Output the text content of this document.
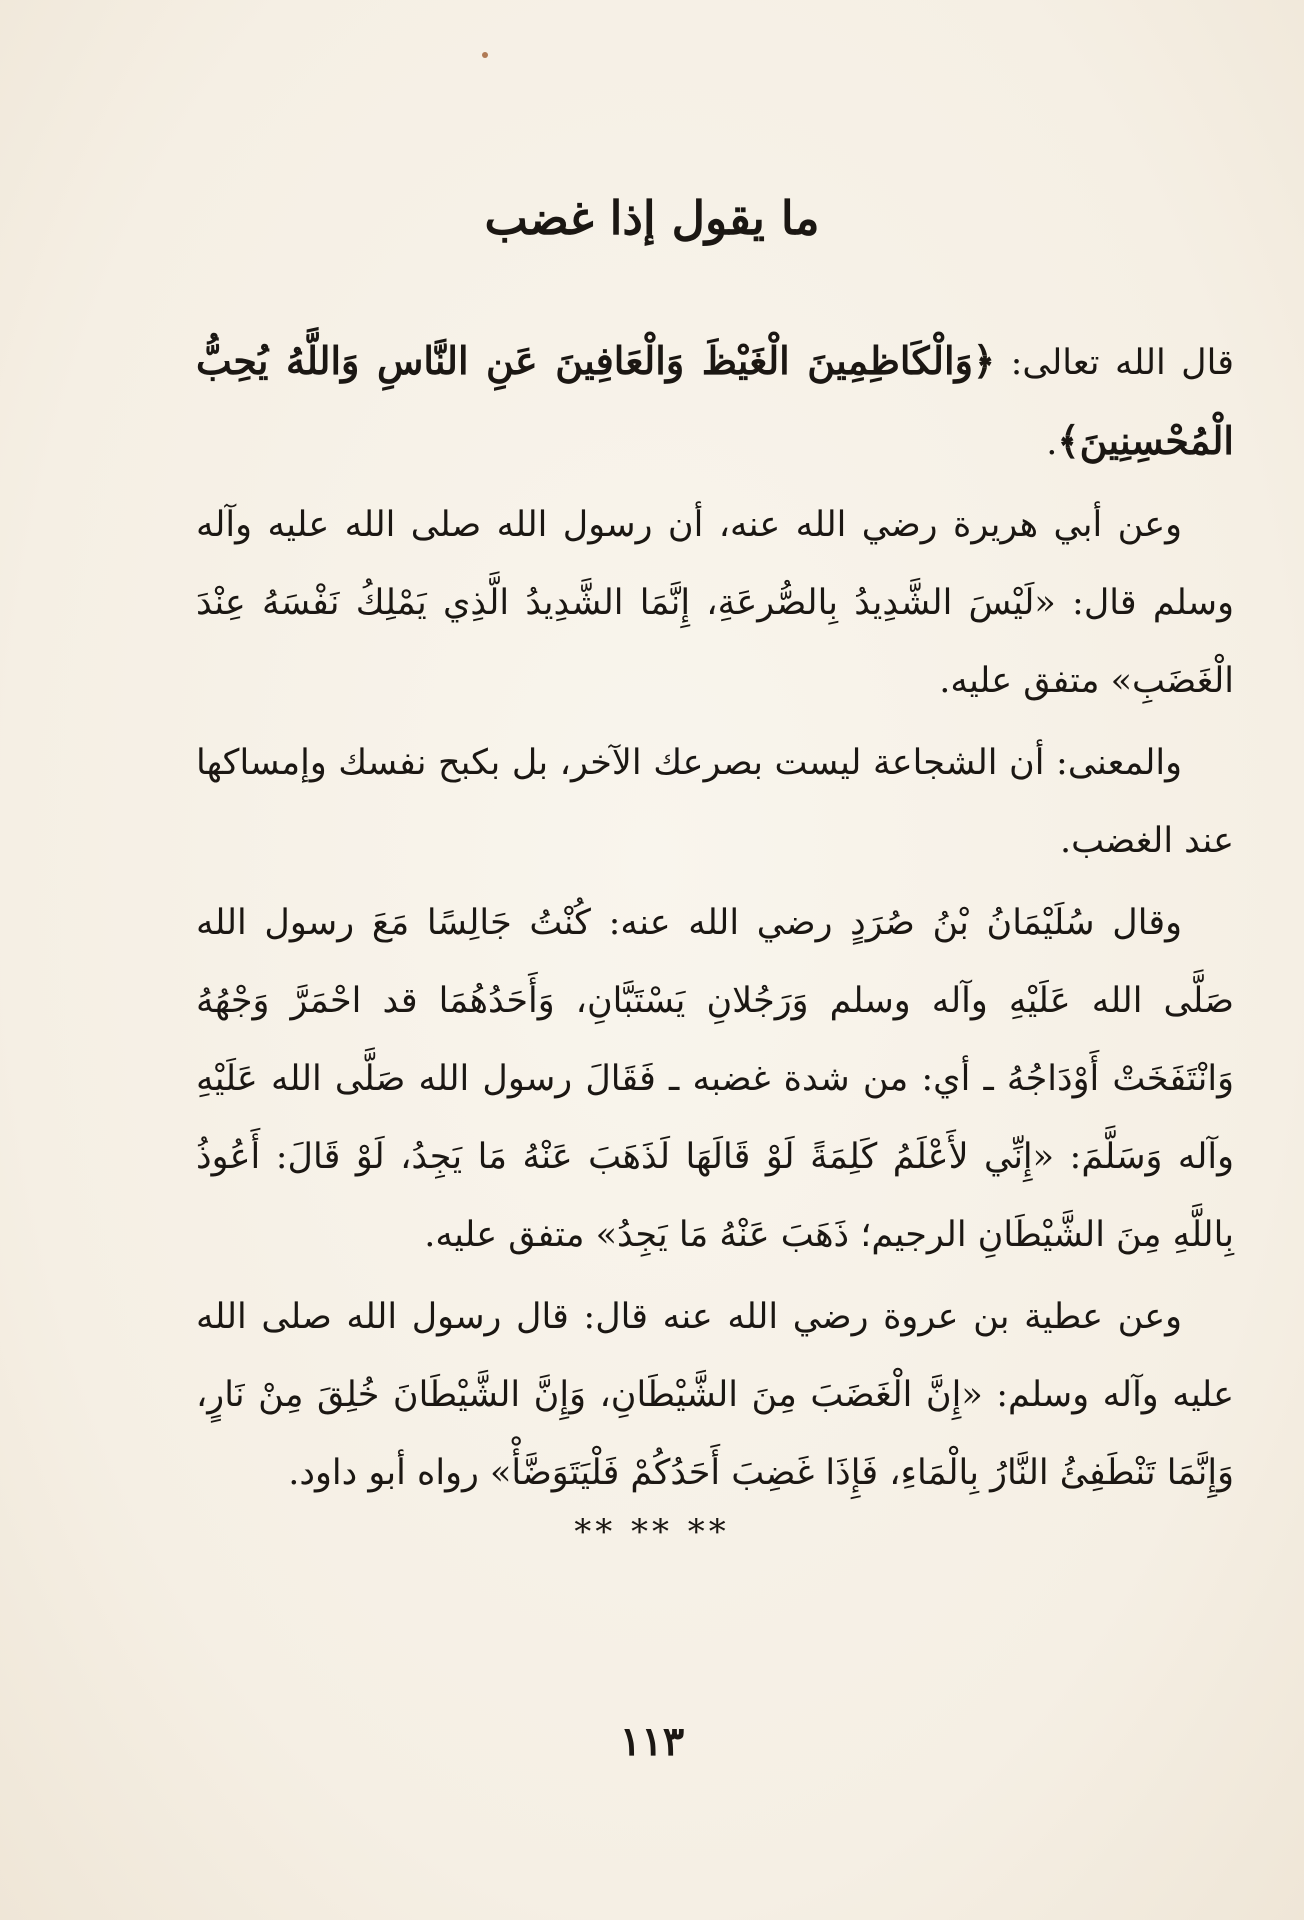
ما يقول إذا غضب

قال الله تعالى: ﴿وَالْكَاظِمِينَ الْغَيْظَ وَالْعَافِينَ عَنِ النَّاسِ وَاللَّهُ يُحِبُّ الْمُحْسِنِينَ﴾.

وعن أبي هريرة رضي الله عنه، أن رسول الله صلى الله عليه وآله وسلم قال: «لَيْسَ الشَّدِيدُ بِالصُّرعَةِ، إِنَّمَا الشَّدِيدُ الَّذِي يَمْلِكُ نَفْسَهُ عِنْدَ الْغَضَبِ» متفق عليه.

والمعنى: أن الشجاعة ليست بصرعك الآخر، بل بكبح نفسك وإمساكها عند الغضب.

وقال سُلَيْمَانُ بْنُ صُرَدٍ رضي الله عنه: كُنْتُ جَالِسًا مَعَ رسول الله صَلَّى الله عَلَيْهِ وآله وسلم وَرَجُلانِ يَسْتَبَّانِ، وَأَحَدُهُمَا قد احْمَرَّ وَجْهُهُ وَانْتَفَخَتْ أَوْدَاجُهُ ـ أي: من شدة غضبه ـ فَقَالَ رسول الله صَلَّى الله عَلَيْهِ وآله وَسَلَّمَ: «إِنِّي لأَعْلَمُ كَلِمَةً لَوْ قَالَهَا لَذَهَبَ عَنْهُ مَا يَجِدُ، لَوْ قَالَ: أَعُوذُ بِاللَّهِ مِنَ الشَّيْطَانِ الرجيم؛ ذَهَبَ عَنْهُ مَا يَجِدُ» متفق عليه.

وعن عطية بن عروة رضي الله عنه قال: قال رسول الله صلى الله عليه وآله وسلم: «إِنَّ الْغَضَبَ مِنَ الشَّيْطَانِ، وَإِنَّ الشَّيْطَانَ خُلِقَ مِنْ نَارٍ، وَإِنَّمَا تَنْطَفِئُ النَّارُ بِالْمَاءِ، فَإِذَا غَضِبَ أَحَدُكُمْ فَلْيَتَوَضَّأْ» رواه أبو داود.

** ** **
١١٣
